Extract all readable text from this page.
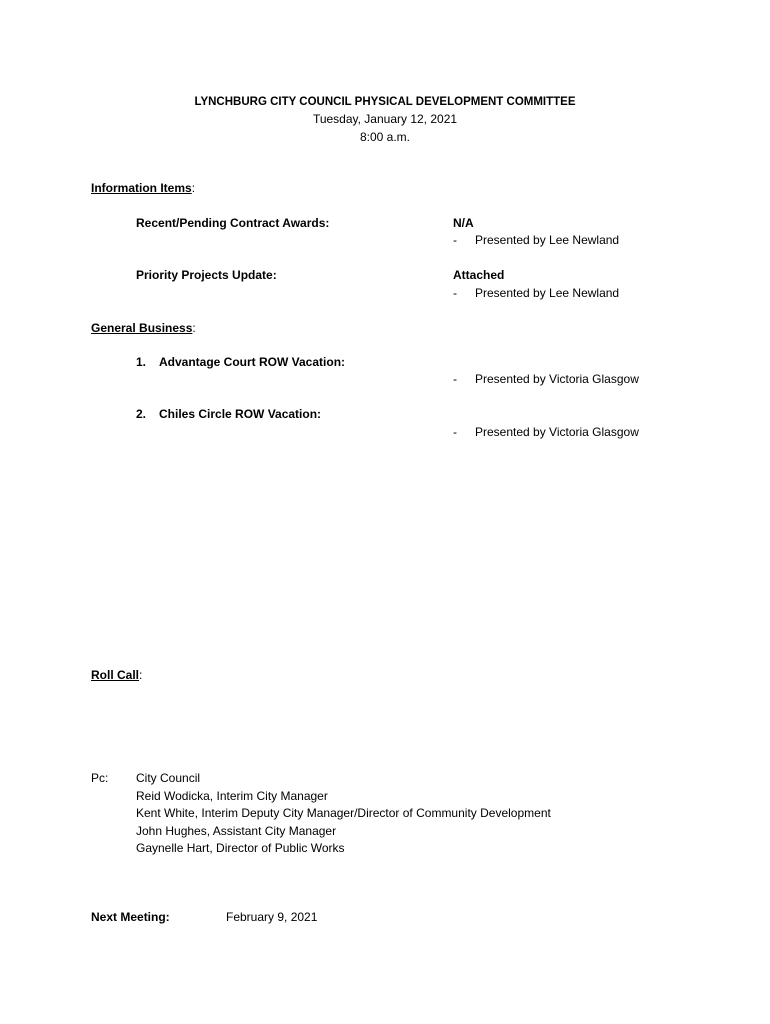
LYNCHBURG CITY COUNCIL PHYSICAL DEVELOPMENT COMMITTEE
Tuesday, January 12, 2021
8:00 a.m.
Information Items:
Recent/Pending Contract Awards:	N/A
- Presented by Lee Newland
Priority Projects Update:	Attached
- Presented by Lee Newland
General Business:
1. Advantage Court ROW Vacation:
- Presented by Victoria Glasgow
2. Chiles Circle ROW Vacation:
- Presented by Victoria Glasgow
Roll Call:
Pc: City Council
Reid Wodicka, Interim City Manager
Kent White, Interim Deputy City Manager/Director of Community Development
John Hughes, Assistant City Manager
Gaynelle Hart, Director of Public Works
Next Meeting:	February 9, 2021
